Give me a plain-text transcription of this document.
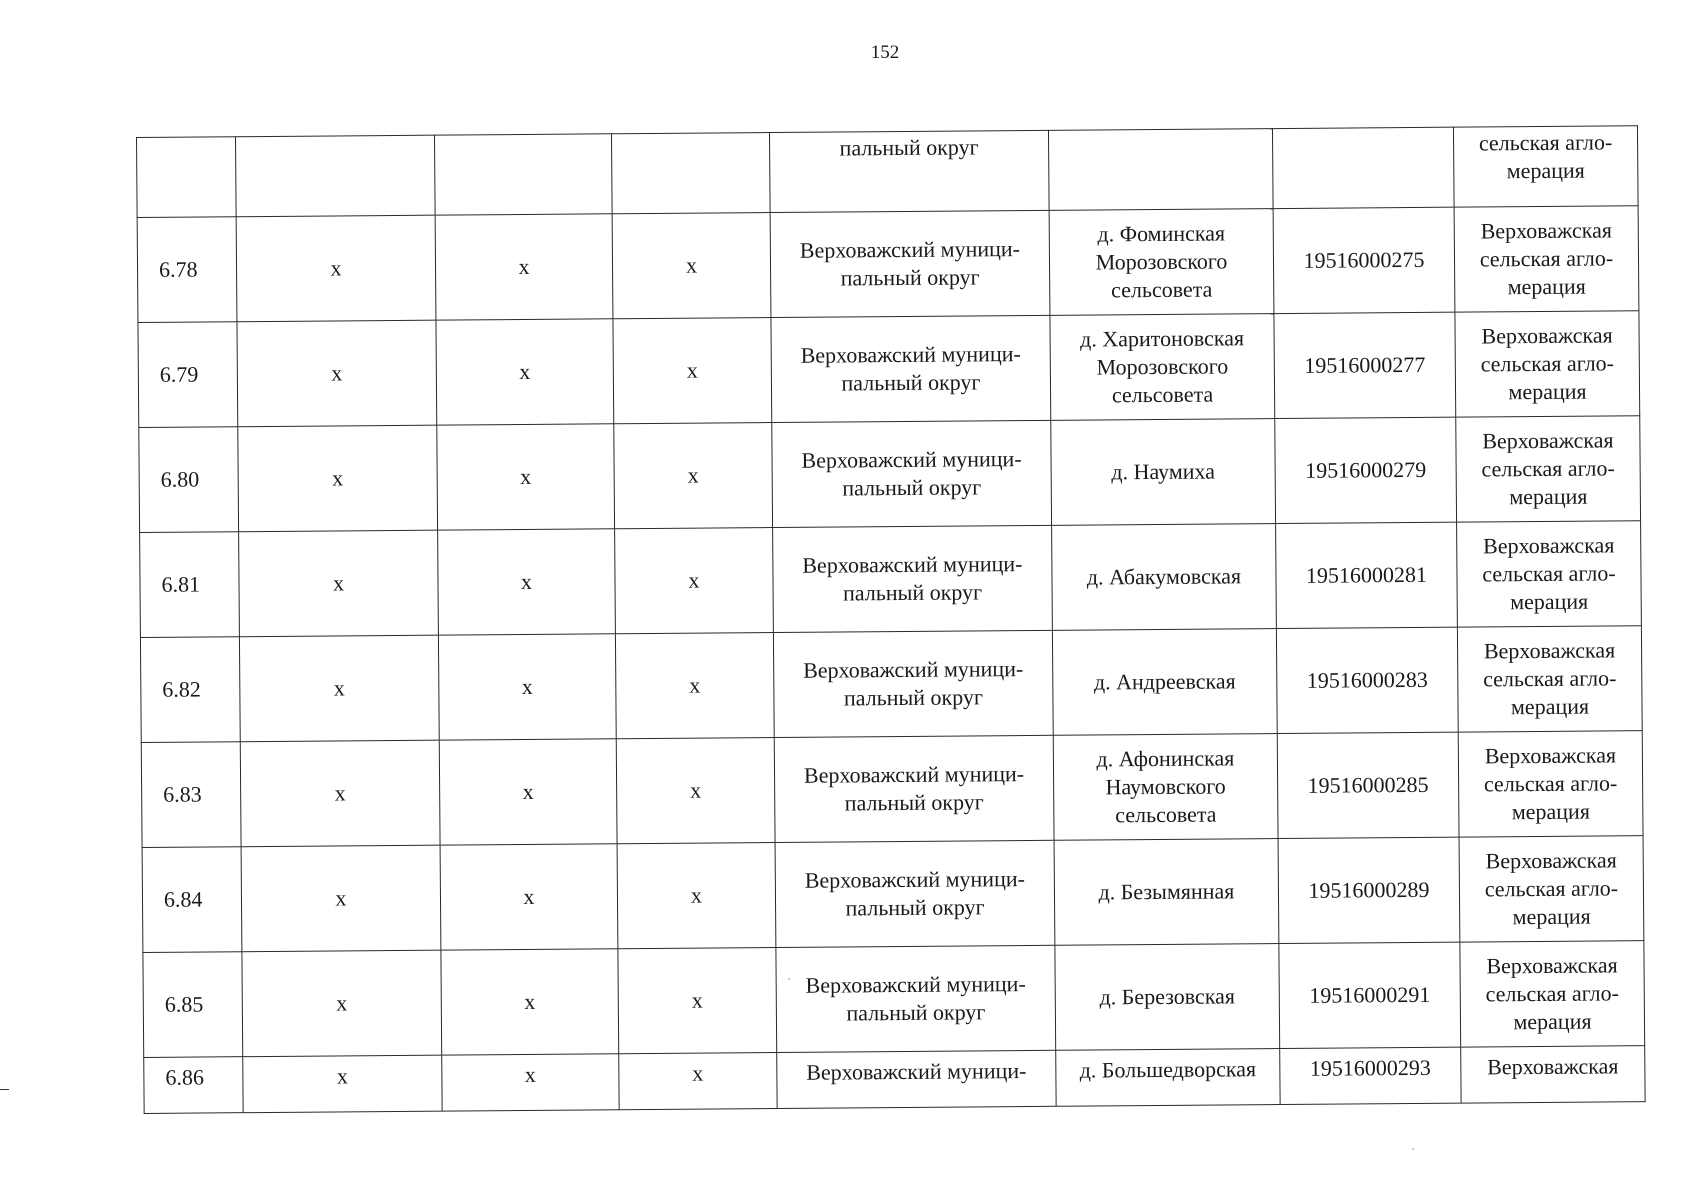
152

				пальный округ			сельская агло-
мерация

6.78	х	х	х	Верховажский муници-
пальный округ	д. Фоминская
Морозовского
сельсовета	19516000275	Верховажская
сельская агло-
мерация

6.79	х	х	х	Верховажский муници-
пальный округ	д. Харитоновская
Морозовского
сельсовета	19516000277	Верховажская
сельская агло-
мерация

6.80	х	х	х	Верховажский муници-
пальный округ	д. Наумиха	19516000279	Верховажская
сельская агло-
мерация

6.81	х	х	х	Верховажский муници-
пальный округ	д. Абакумовская	19516000281	Верховажская
сельская агло-
мерация

6.82	х	х	х	Верховажский муници-
пальный округ	д. Андреевская	19516000283	Верховажская
сельская агло-
мерация

6.83	х	х	х	Верховажский муници-
пальный округ	д. Афонинская
Наумовского
сельсовета	19516000285	Верховажская
сельская агло-
мерация

6.84	х	х	х	Верховажский муници-
пальный округ	д. Безымянная	19516000289	Верховажская
сельская агло-
мерация

6.85	х	х	х	Верховажский муници-
пальный округ	д. Березовская	19516000291	Верховажская
сельская агло-
мерация

6.86	х	х	х	Верховажский муници-	д. Большедворская	19516000293	Верховажская
